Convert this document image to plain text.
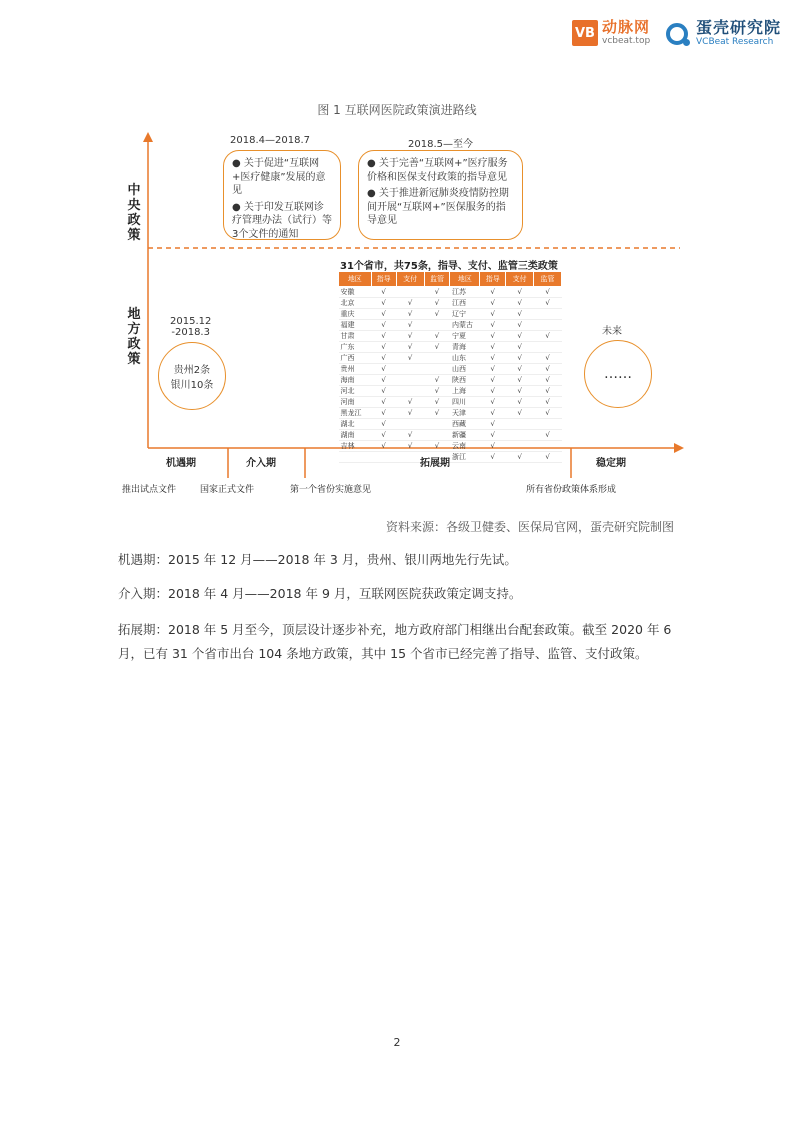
VB 动脉网
vcbeat.top
蛋壳研究院
VCBeat Research
图 1 互联网医院政策演进路线
中央政策
地方政策
2018.4—2018.7

● 关于促进“互联网+医疗健康”发展的意见

● 关于印发互联网诊疗管理办法（试行）等3个文件的通知

2018.5—至今

● 关于完善“互联网+”医疗服务价格和医保支付政策的指导意见

● 关于推进新冠肺炎疫情防控期间开展“互联网+”医保服务的指导意见

2015.12
-2018.3
贵州2条
银川10条
未来
……
31个省市，共75条，指导、支付、监管三类政策
地区	指导	支付	监管	地区	指导	支付	监管
安徽	√		√	江苏	√	√	√
北京	√	√	√	江西	√	√	√
重庆	√	√	√	辽宁	√	√	
福建	√	√		内蒙古	√	√	
甘肃	√	√	√	宁夏	√	√	√
广东	√	√	√	青海	√	√	
广西	√	√		山东	√	√	√
贵州	√			山西	√	√	√
海南	√		√	陕西	√	√	√
河北	√		√	上海	√	√	√
河南	√	√	√	四川	√	√	√
黑龙江	√	√	√	天津	√	√	√
湖北	√			西藏	√		
湖南	√	√		新疆	√		√
吉林	√	√	√	云南	√		
				浙江	√	√	√
机遇期	介入期	拓展期	稳定期
推出试点文件	国家正式文件	第一个省份实施意见	所有省份政策体系形成
资料来源：各级卫健委、医保局官网，蛋壳研究院制图
机遇期：2015 年 12 月——2018 年 3 月，贵州、银川两地先行先试。
介入期：2018 年 4 月——2018 年 9 月，互联网医院获政策定调支持。
拓展期：2018 年 5 月至今，顶层设计逐步补充，地方政府部门相继出台配套政策。截至 2020 年 6 月，已有 31 个省市出台 104 条地方政策，其中 15 个省市已经完善了指导、监管、支付政策。
2
